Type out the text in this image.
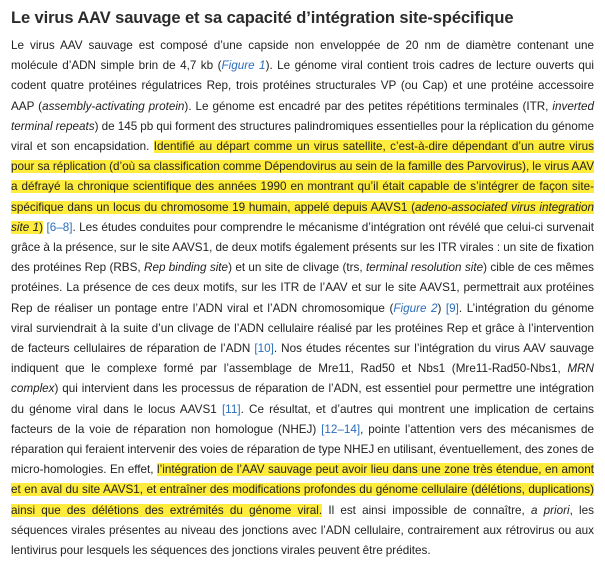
Le virus AAV sauvage et sa capacité d’intégration site-spécifique

Le virus AAV sauvage est composé d’une capside non enveloppée de 20 nm de diamètre contenant une molécule d’ADN simple brin de 4,7 kb (Figure 1). Le génome viral contient trois cadres de lecture ouverts qui codent quatre protéines régulatrices Rep, trois protéines structurales VP (ou Cap) et une protéine accessoire AAP (assembly-activating protein). Le génome est encadré par des petites répétitions terminales (ITR, inverted terminal repeats) de 145 pb qui forment des structures palindromiques essentielles pour la réplication du génome viral et son encapsidation. Identifié au départ comme un virus satellite, c’est-à-dire dépendant d’un autre virus pour sa réplication (d’où sa classification comme Dépendovirus au sein de la famille des Parvovirus), le virus AAV a défrayé la chronique scientifique des années 1990 en montrant qu’il était capable de s’intégrer de façon site-spécifique dans un locus du chromosome 19 humain, appelé depuis AAVS1 (adeno-associated virus integration site 1) [6–8]. Les études conduites pour comprendre le mécanisme d’intégration ont révélé que celui-ci survenait grâce à la présence, sur le site AAVS1, de deux motifs également présents sur les ITR virales : un site de fixation des protéines Rep (RBS, Rep binding site) et un site de clivage (trs, terminal resolution site) cible de ces mêmes protéines. La présence de ces deux motifs, sur les ITR de l’AAV et sur le site AAVS1, permettrait aux protéines Rep de réaliser un pontage entre l’ADN viral et l’ADN chromosomique (Figure 2) [9]. L’intégration du génome viral surviendrait à la suite d’un clivage de l’ADN cellulaire réalisé par les protéines Rep et grâce à l’intervention de facteurs cellulaires de réparation de l’ADN [10]. Nos études récentes sur l’intégration du virus AAV sauvage indiquent que le complexe formé par l’assemblage de Mre11, Rad50 et Nbs1 (Mre11-Rad50-Nbs1, MRN complex) qui intervient dans les processus de réparation de l’ADN, est essentiel pour permettre une intégration du génome viral dans le locus AAVS1 [11]. Ce résultat, et d’autres qui montrent une implication de certains facteurs de la voie de réparation non homologue (NHEJ) [12–14], pointe l’attention vers des mécanismes de réparation qui feraient intervenir des voies de réparation de type NHEJ en utilisant, éventuellement, des zones de micro-homologies. En effet, l’intégration de l’AAV sauvage peut avoir lieu dans une zone très étendue, en amont et en aval du site AAVS1, et entraîner des modifications profondes du génome cellulaire (délétions, duplications) ainsi que des délétions des extrémités du génome viral. Il est ainsi impossible de connaître, a priori, les séquences virales présentes au niveau des jonctions avec l’ADN cellulaire, contrairement aux rétrovirus ou aux lentivirus pour lesquels les séquences des jonctions virales peuvent être prédites.
